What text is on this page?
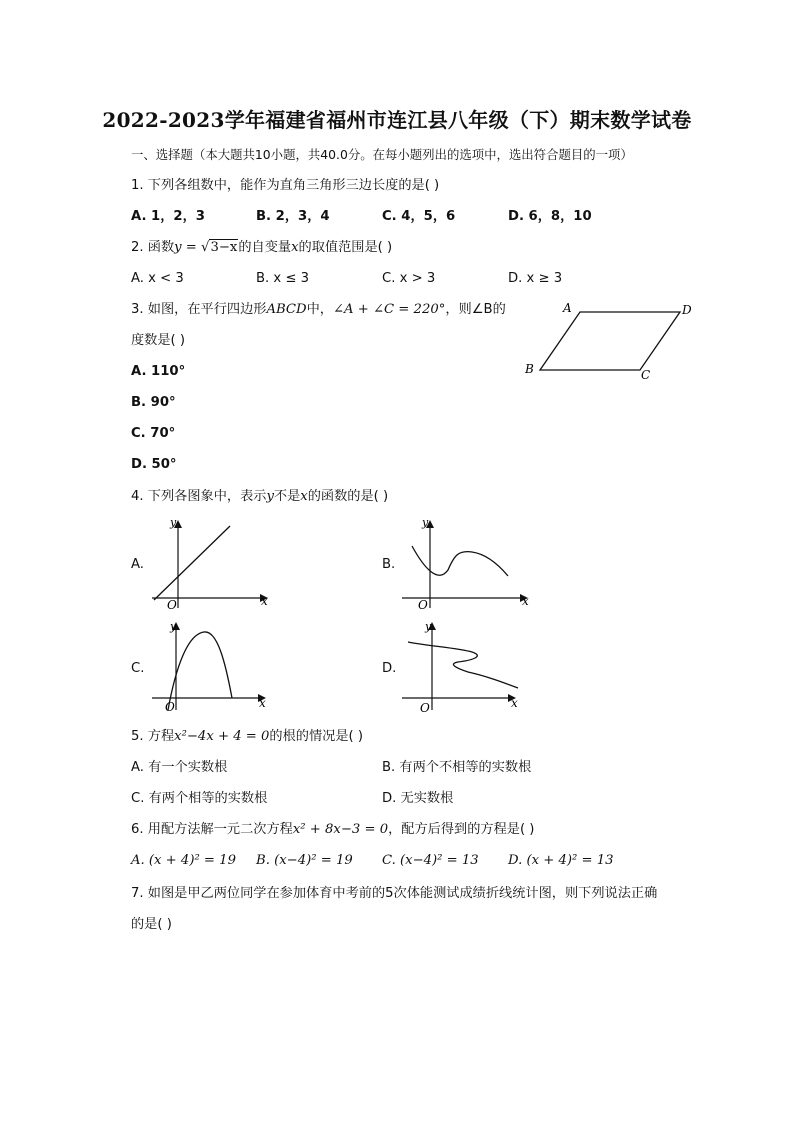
2022-2023学年福建省福州市连江县八年级（下）期末数学试卷
一、选择题（本大题共10小题，共40.0分。在每小题列出的选项中，选出符合题目的一项）
1. 下列各组数中，能作为直角三角形三边长度的是( )
A. 1，2，3	B. 2，3，4	C. 4，5，6	D. 6，8，10
2. 函数y = √3−x的自变量x的取值范围是( )
A. x < 3	B. x ≤ 3	C. x > 3	D. x ≥ 3
3. 如图，在平行四边形ABCD中，∠A + ∠C = 220°，则∠B的
度数是( )
A. 110°
B. 90°
C. 70°
D. 50°
A	D
B	C
4. 下列各图象中，表示y不是x的函数的是( )
A.	B.
C.	D.
y
x
O
y
x
O
y
x
O
y
x
O
5. 方程x²−4x + 4 = 0的根的情况是( )
A. 有一个实数根	B. 有两个不相等的实数根
C. 有两个相等的实数根	D. 无实数根
6. 用配方法解一元二次方程x² + 8x−3 = 0，配方后得到的方程是( )
A. (x + 4)² = 19 B. (x−4)² = 19 C. (x−4)² = 13 D. (x + 4)² = 13
7. 如图是甲乙两位同学在参加体育中考前的5次体能测试成绩折线统计图，则下列说法正确
的是( )
